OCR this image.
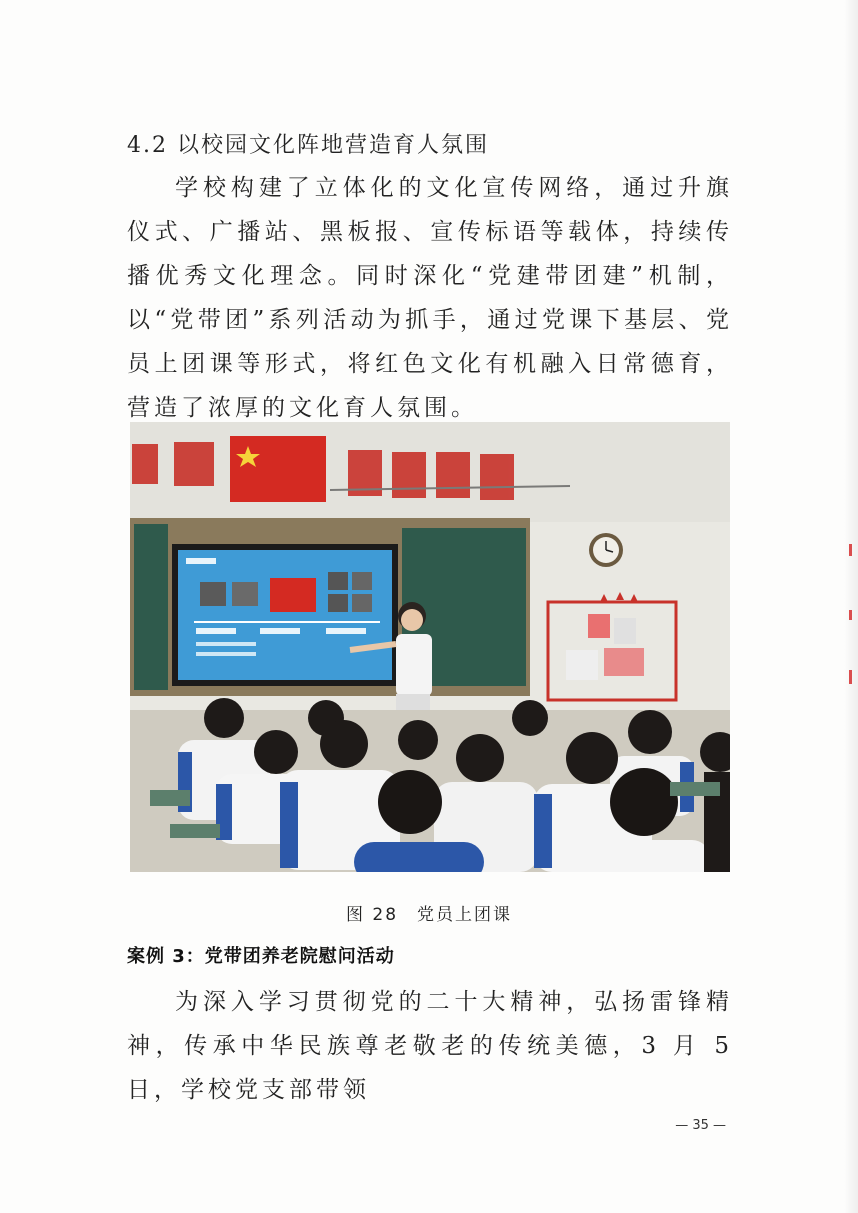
4.2 以校园文化阵地营造育人氛围
学校构建了立体化的文化宣传网络，通过升旗仪式、广播站、黑板报、宣传标语等载体，持续传播优秀文化理念。同时深化“党建带团建”机制，以“党带团”系列活动为抓手，通过党课下基层、党员上团课等形式，将红色文化有机融入日常德育，营造了浓厚的文化育人氛围。
图 28　党员上团课
案例 3：党带团养老院慰问活动
为深入学习贯彻党的二十大精神，弘扬雷锋精神，传承中华民族尊老敬老的传统美德，3 月 5 日，学校党支部带领
— 35 —
